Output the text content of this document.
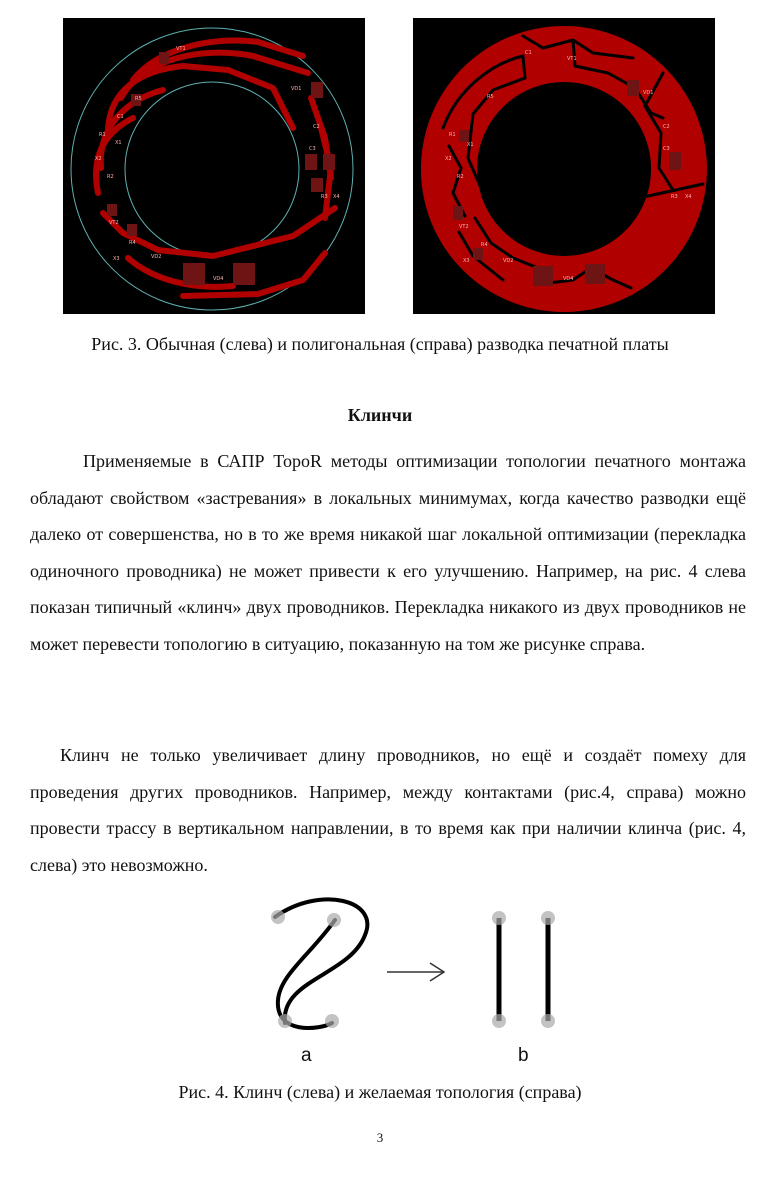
VT1
VD1
R5
C1
R1
X1
X2
VT2
R4
X3
C2
VD2
VD4
C3
R2
R3 X4
VT1
C1
R5
VD1
R1
X1
X2
R2
C2
VT2
R4
X3	VD2
VD4
C3
R3 X4
Рис. 3. Обычная (слева) и полигональная (справа) разводка печатной платы
Клинчи

Применяемые в САПР TopoR методы оптимизации топологии печатного монтажа обладают свойством «застревания» в локальных минимумах, когда качество разводки ещё далеко от совершенства, но в то же время никакой шаг локальной оптимизации (перекладка одиночного проводника) не может привести к его улучшению. Например, на рис. 4 слева показан типичный «клинч» двух проводников. Перекладка никакого из двух проводников не может перевести топологию в ситуацию, показанную на том же рисунке справа.

Клинч не только увеличивает длину проводников, но ещё и создаёт помеху для проведения других проводников. Например, между контактами (рис.4, справа) можно провести трассу в вертикальном направлении, в то время как при наличии клинча (рис. 4, слева) это невозможно.

a	b
Рис. 4. Клинч (слева) и желаемая топология (справа)
3
